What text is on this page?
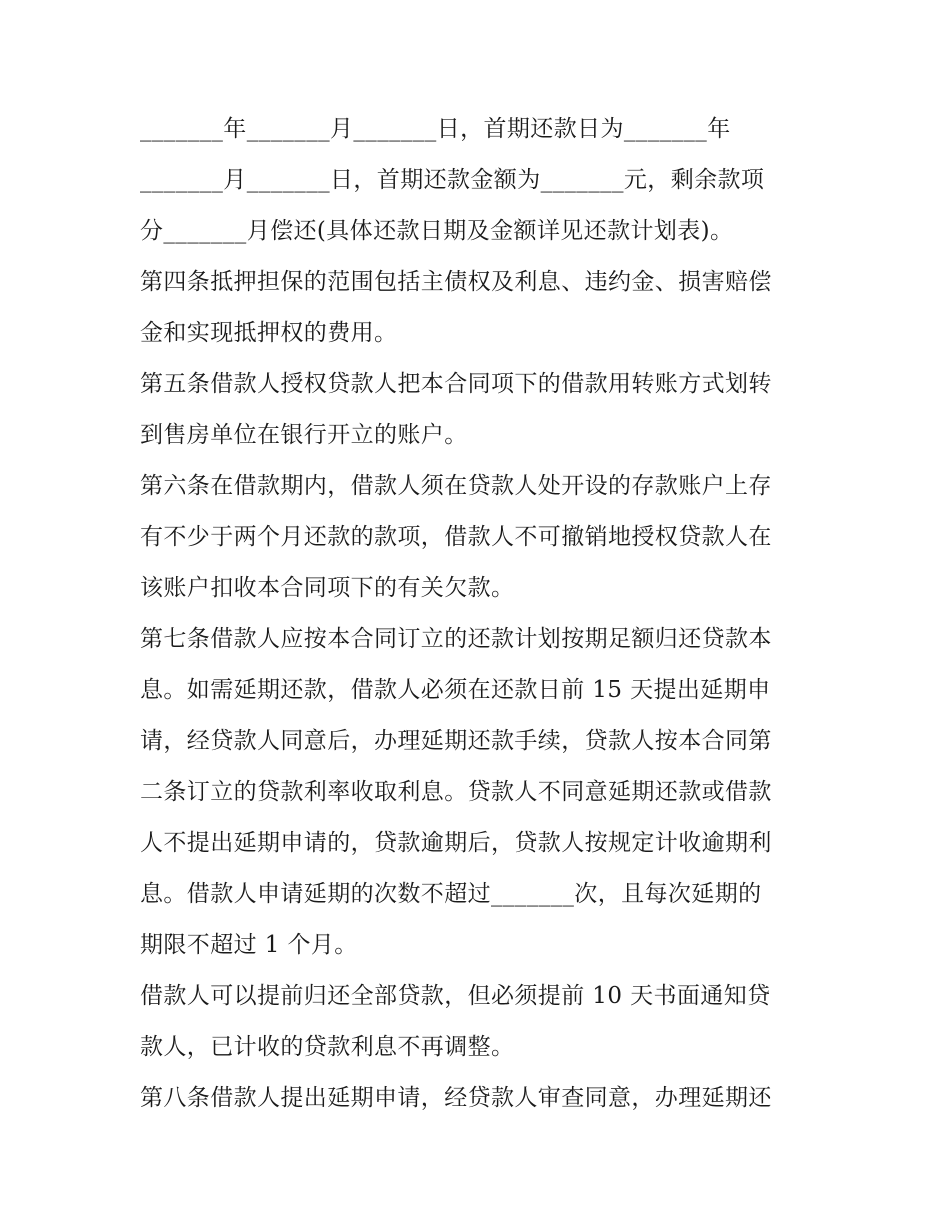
_______年_______月_______日，首期还款日为_______年
_______月_______日，首期还款金额为_______元，剩余款项
分_______月偿还(具体还款日期及金额详见还款计划表)。
第四条抵押担保的范围包括主债权及利息、违约金、损害赔偿
金和实现抵押权的费用。
第五条借款人授权贷款人把本合同项下的借款用转账方式划转
到售房单位在银行开立的账户。
第六条在借款期内，借款人须在贷款人处开设的存款账户上存
有不少于两个月还款的款项，借款人不可撤销地授权贷款人在
该账户扣收本合同项下的有关欠款。
第七条借款人应按本合同订立的还款计划按期足额归还贷款本
息。如需延期还款，借款人必须在还款日前 15 天提出延期申
请，经贷款人同意后，办理延期还款手续，贷款人按本合同第
二条订立的贷款利率收取利息。贷款人不同意延期还款或借款
人不提出延期申请的，贷款逾期后，贷款人按规定计收逾期利
息。借款人申请延期的次数不超过_______次，且每次延期的
期限不超过 1 个月。
借款人可以提前归还全部贷款，但必须提前 10 天书面通知贷
款人，已计收的贷款利息不再调整。
第八条借款人提出延期申请，经贷款人审查同意，办理延期还
